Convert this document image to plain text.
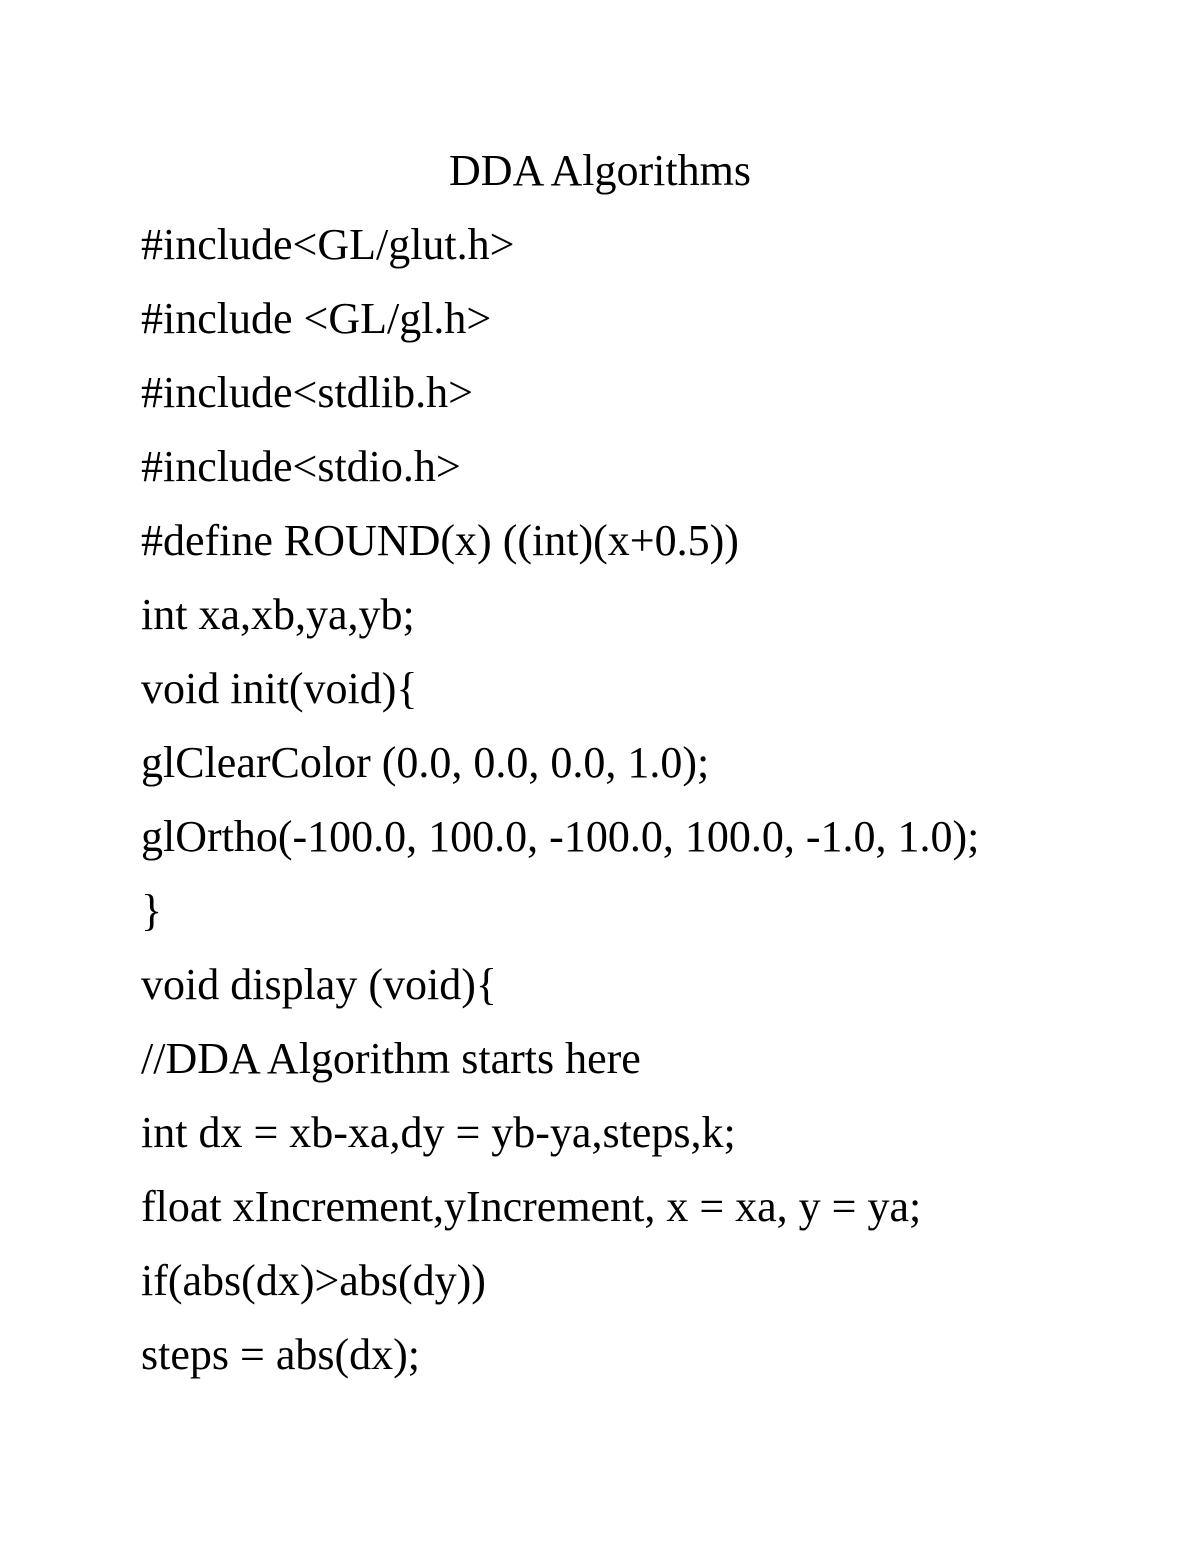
DDA Algorithms
#include<GL/glut.h>
#include <GL/gl.h>
#include<stdlib.h>
#include<stdio.h>
#define ROUND(x) ((int)(x+0.5))
int xa,xb,ya,yb;
void init(void){
glClearColor (0.0, 0.0, 0.0, 1.0);
glOrtho(-100.0, 100.0, -100.0, 100.0, -1.0, 1.0);
}
void display (void){
//DDA Algorithm starts here
int dx = xb-xa,dy = yb-ya,steps,k;
float xIncrement,yIncrement, x = xa, y = ya;
if(abs(dx)>abs(dy))
steps = abs(dx);
